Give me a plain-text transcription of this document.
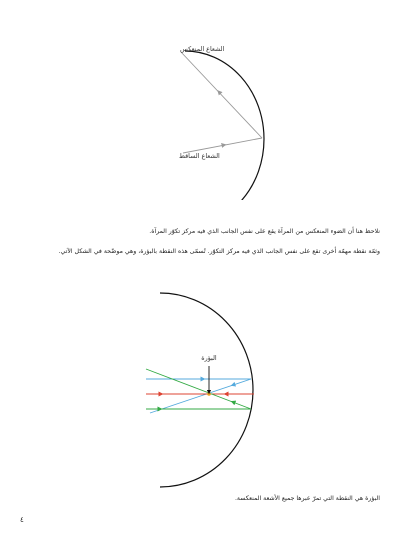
الشعاع المنعكس
الشعاع الساقط

نلاحظ هنا أن الضوء المنعكس من المرآة يقع على نفس الجانب الذي فيه مركز تكوّر المرآة.

وثمّة نقطة مهمّة أخرى تقع على نفس الجانب الذي فيه مركز التكوّر. تُسمّى هذه النقطة بالبؤرة، وهي موضّحة في الشكل الآتي.

البؤرة

البؤرة هي النقطة التي تمرّ عبرها جميع الأشعة المنعكسة.

٤
